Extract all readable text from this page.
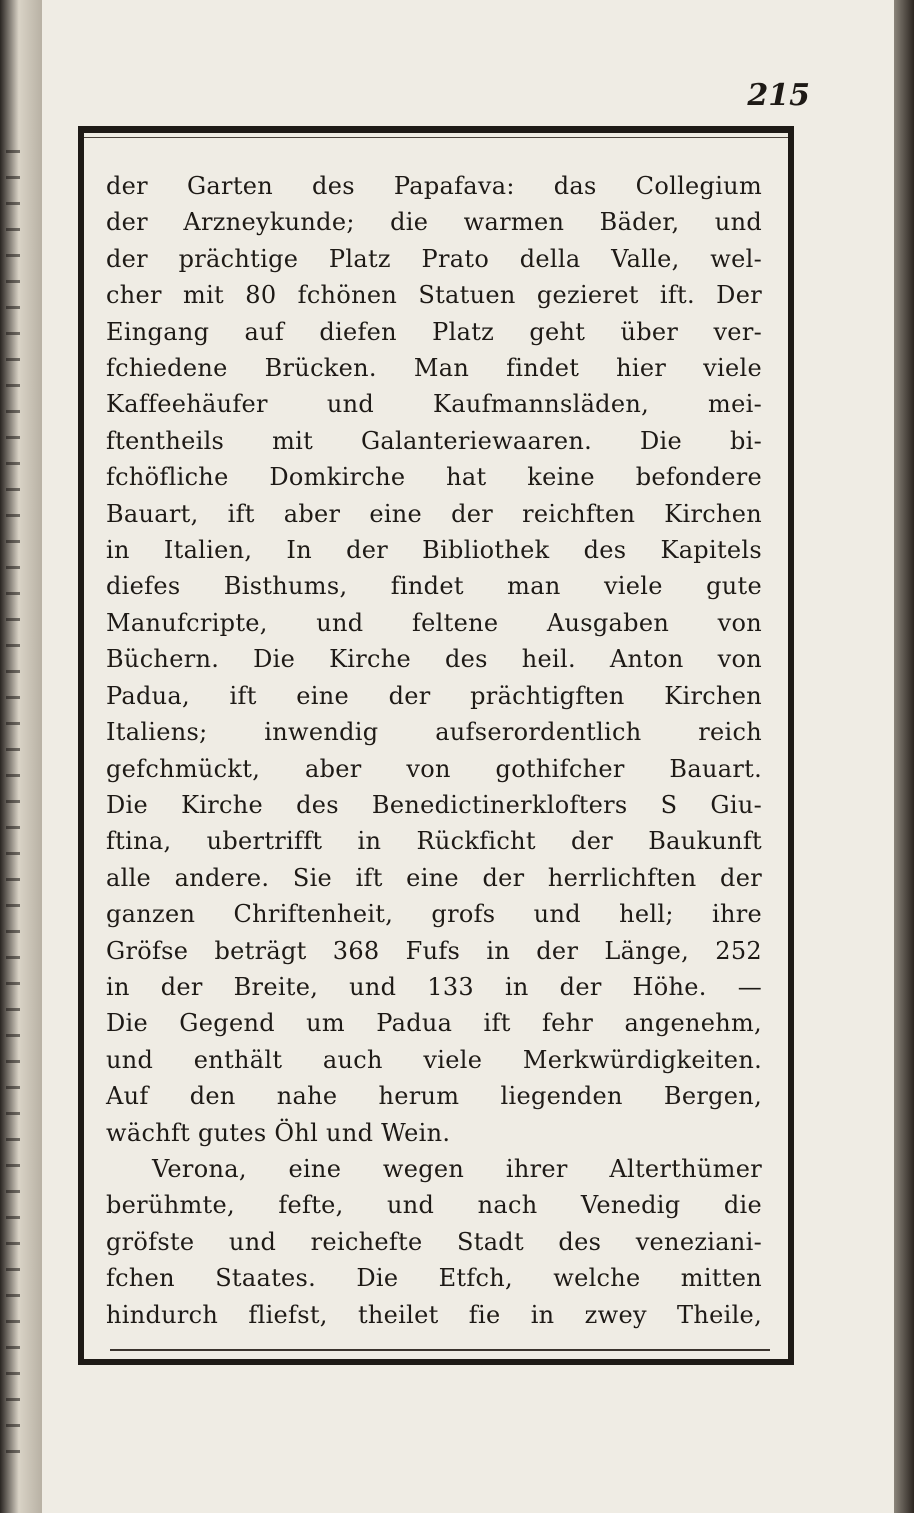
215
der Garten des Papafava: das Collegium
der Arzneykunde; die warmen Bäder, und
der prächtige Platz Prato della Valle, wel-
cher mit 80 fchönen Statuen gezieret ift. Der
Eingang auf diefen Platz geht über ver-
fchiedene Brücken. Man findet hier viele
Kaffeehäufer und Kaufmannsläden, mei-
ftentheils mit Galanteriewaaren. Die bi-
fchöfliche Domkirche hat keine befondere
Bauart, ift aber eine der reichften Kirchen
in Italien, In der Bibliothek des Kapitels
diefes Bisthums, findet man viele gute
Manufcripte, und feltene Ausgaben von
Büchern. Die Kirche des heil. Anton von
Padua, ift eine der prächtigften Kirchen
Italiens; inwendig aufserordentlich reich
gefchmückt, aber von gothifcher Bauart.
Die Kirche des Benedictinerklofters S Giu-
ftina, ubertrifft in Rückficht der Baukunft
alle andere. Sie ift eine der herrlichften der
ganzen Chriftenheit, grofs und hell; ihre
Gröfse beträgt 368 Fufs in der Länge, 252
in der Breite, und 133 in der Höhe. —
Die Gegend um Padua ift fehr angenehm,
und enthält auch viele Merkwürdigkeiten.
Auf den nahe herum liegenden Bergen,
wächft gutes Öhl und Wein.
Verona, eine wegen ihrer Alterthümer
berühmte, fefte, und nach Venedig die
gröfste und reichefte Stadt des veneziani-
fchen Staates. Die Etfch, welche mitten
hindurch fliefst, theilet fie in zwey Theile,
